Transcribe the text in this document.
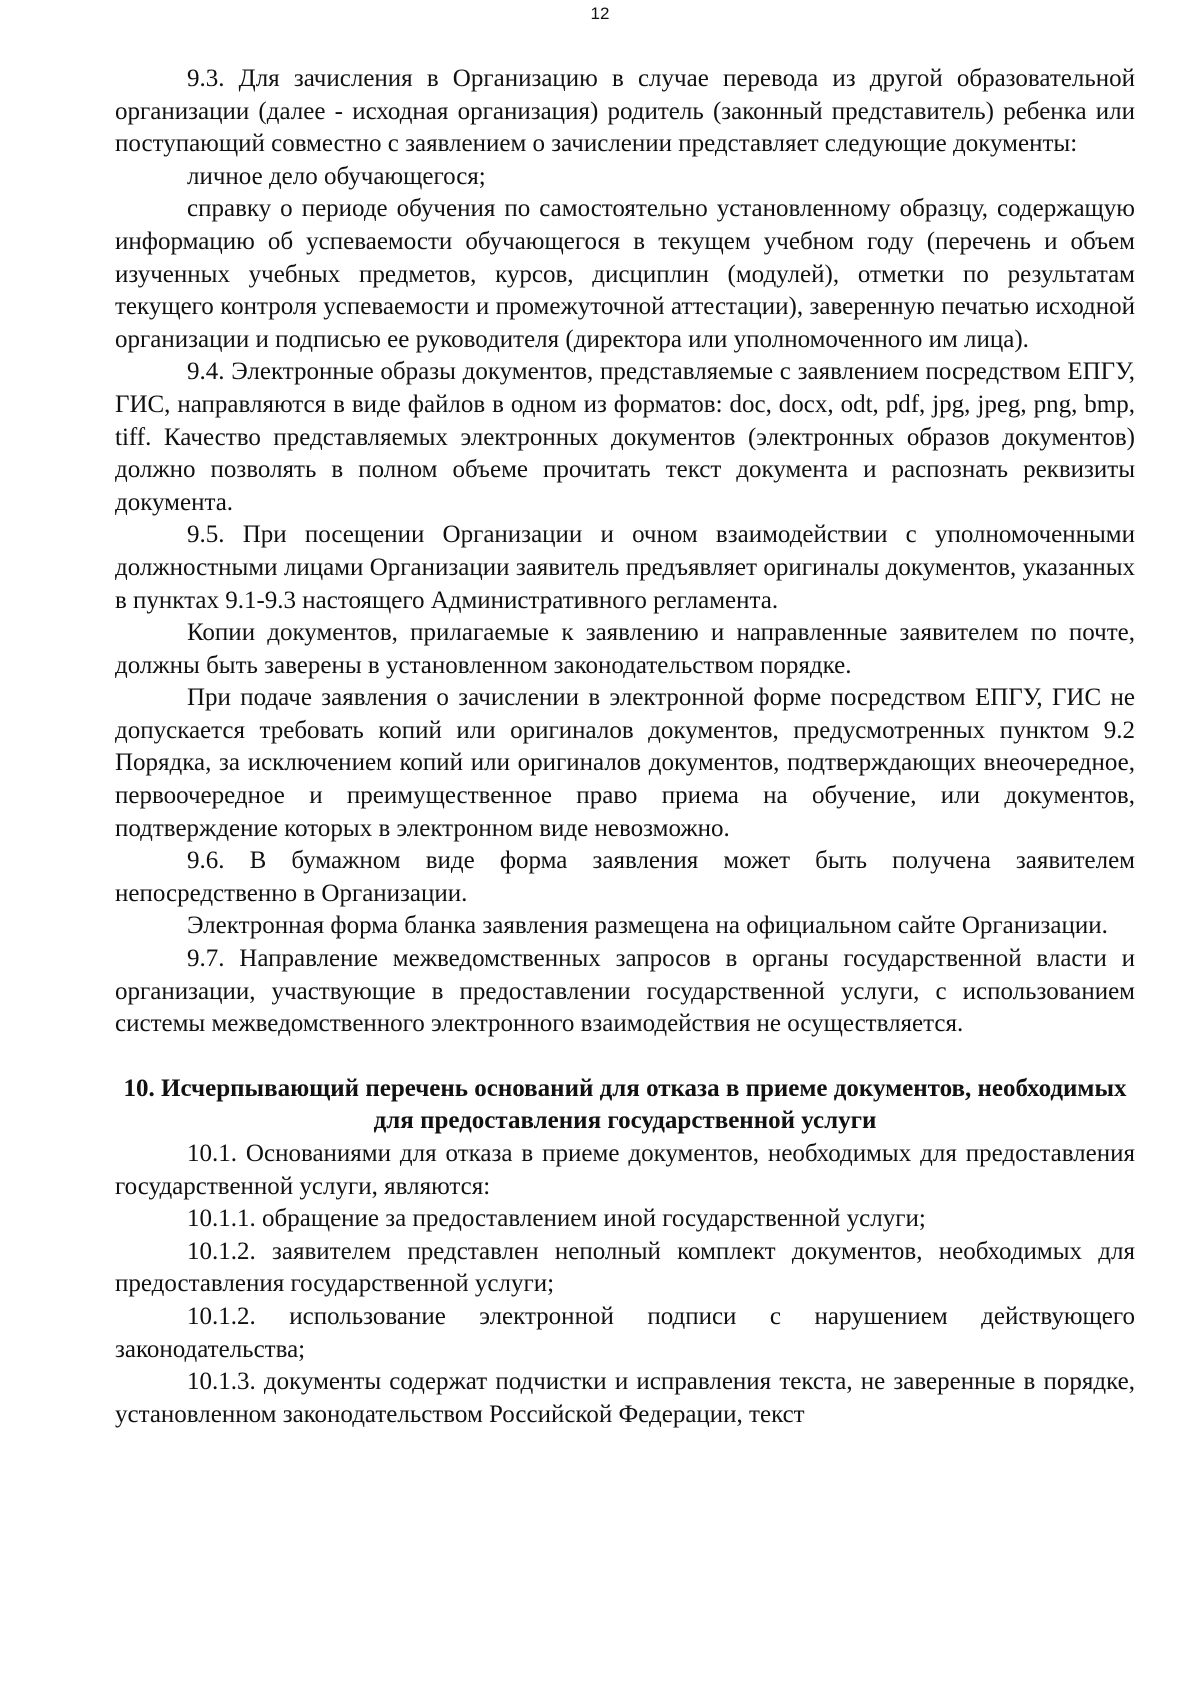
12

9.3. Для зачисления в Организацию в случае перевода из другой образовательной организации (далее - исходная организация) родитель (законный представитель) ребенка или поступающий совместно с заявлением о зачислении представляет следующие документы:

личное дело обучающегося;

справку о периоде обучения по самостоятельно установленному образцу, содержащую информацию об успеваемости обучающегося в текущем учебном году (перечень и объем изученных учебных предметов, курсов, дисциплин (модулей), отметки по результатам текущего контроля успеваемости и промежуточной аттестации), заверенную печатью исходной организации и подписью ее руководителя (директора или уполномоченного им лица).

9.4. Электронные образы документов, представляемые с заявлением посредством ЕПГУ, ГИС, направляются в виде файлов в одном из форматов: doc, docx, odt, pdf, jpg, jpeg, png, bmp, tiff. Качество представляемых электронных документов (электронных образов документов) должно позволять в полном объеме прочитать текст документа и распознать реквизиты документа.

9.5. При посещении Организации и очном взаимодействии с уполномоченными должностными лицами Организации заявитель предъявляет оригиналы документов, указанных в пунктах 9.1-9.3 настоящего Административного регламента.

Копии документов, прилагаемые к заявлению и направленные заявителем по почте, должны быть заверены в установленном законодательством порядке.

При подаче заявления о зачислении в электронной форме посредством ЕПГУ, ГИС не допускается требовать копий или оригиналов документов, предусмотренных пунктом 9.2 Порядка, за исключением копий или оригиналов документов, подтверждающих внеочередное, первоочередное и преимущественное право приема на обучение, или документов, подтверждение которых в электронном виде невозможно.

9.6. В бумажном виде форма заявления может быть получена заявителем непосредственно в Организации.

Электронная форма бланка заявления размещена на официальном сайте Организации.

9.7. Направление межведомственных запросов в органы государственной власти и организации, участвующие в предоставлении государственной услуги, с использованием системы межведомственного электронного взаимодействия не осуществляется.

10. Исчерпывающий перечень оснований для отказа в приеме документов, необходимых для предоставления государственной услуги

10.1. Основаниями для отказа в приеме документов, необходимых для предоставления государственной услуги, являются:

10.1.1. обращение за предоставлением иной государственной услуги;

10.1.2. заявителем представлен неполный комплект документов, необходимых для предоставления государственной услуги;

10.1.2. использование электронной подписи с нарушением действующего законодательства;

10.1.3. документы содержат подчистки и исправления текста, не заверенные в порядке, установленном законодательством Российской Федерации, текст
